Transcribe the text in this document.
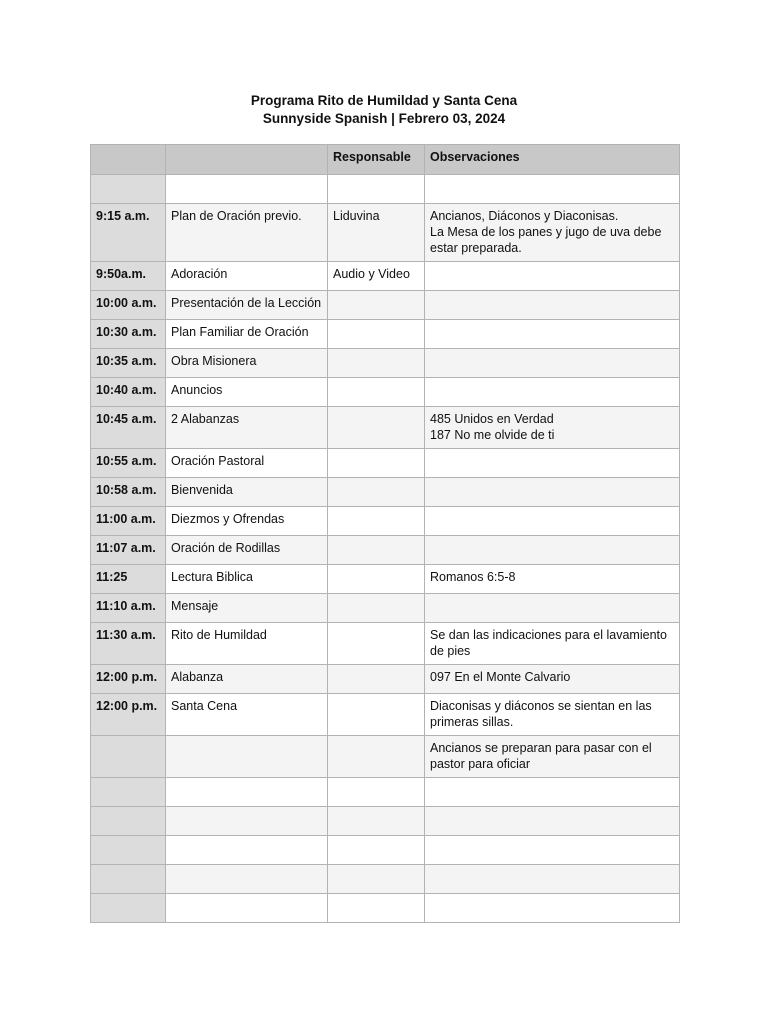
Programa Rito de Humildad y Santa Cena
Sunnyside Spanish | Febrero 03, 2024
		Responsable	Observaciones

9:15 a.m.	Plan de Oración previo.	Liduvina	Ancianos, Diáconos y Diaconisas.
La Mesa de los panes y jugo de uva debe estar preparada.

9:50a.m.	Adoración	Audio y Video	
10:00 a.m.	Presentación de la Lección		
10:30 a.m.	Plan Familiar de Oración		
10:35 a.m.	Obra Misionera		
10:40 a.m.	Anuncios		
10:45 a.m.	2 Alabanzas		485 Unidos en Verdad
187 No me olvide de ti

10:55 a.m.	Oración Pastoral		
10:58 a.m.	Bienvenida		
11:00 a.m.	Diezmos y Ofrendas		
11:07 a.m.	Oración de Rodillas		
11:25	Lectura Biblica		Romanos 6:5-8

11:10 a.m.	Mensaje		
11:30 a.m.	Rito de Humildad		Se dan las indicaciones para el lavamiento de pies

12:00 p.m.	Alabanza		097 En el Monte Calvario

12:00 p.m.	Santa Cena		Diaconisas y diáconos se sientan en las primeras sillas.

			Ancianos se preparan para pasar con el pastor para oficiar
